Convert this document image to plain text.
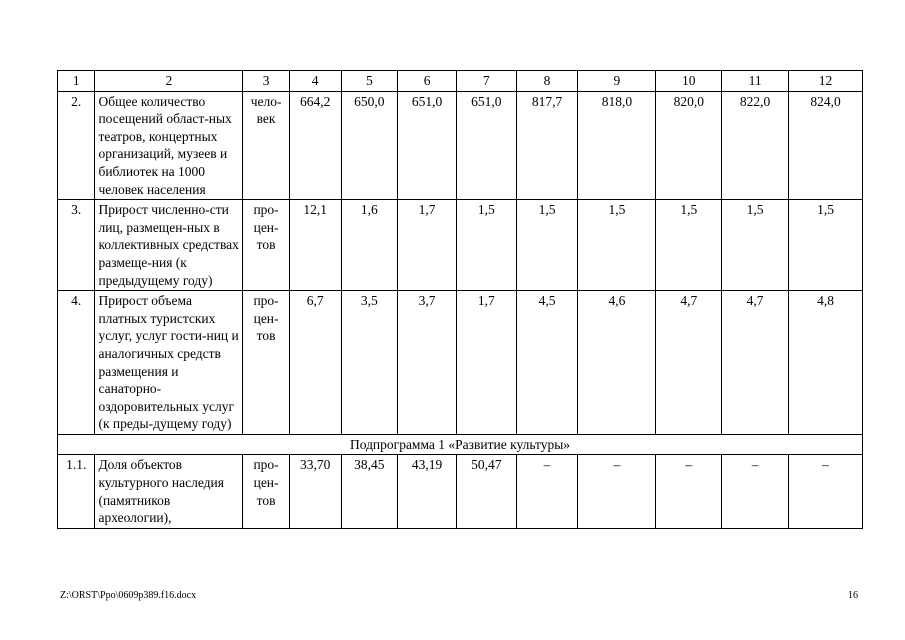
1	2	3	4	5	6	7	8	9	10	11	12
2.	Общее количество посещений област-ных театров, концертных организаций, музеев и библиотек на 1000 человек населения	чело-век	664,2	650,0	651,0	651,0	817,7	818,0	820,0	822,0	824,0
3.	Прирост численно-сти лиц, размещен-ных в коллективных средствах размеще-ния (к предыдущему году)	про-цен-тов	12,1	1,6	1,7	1,5	1,5	1,5	1,5	1,5	1,5
4.	Прирост объема платных туристских услуг, услуг гости-ниц и аналогичных средств размещения и санаторно-оздоровительных услуг (к преды-дущему году)	про-цен-тов	6,7	3,5	3,7	1,7	4,5	4,6	4,7	4,7	4,8
Подпрограмма 1 «Развитие культуры»											
1.1.	Доля объектов культурного наследия (памятников археологии),	про-цен-тов	33,70	38,45	43,19	50,47	–	–	–	–	–
Z:\ORST\Ppo\0609p389.f16.docx	16
